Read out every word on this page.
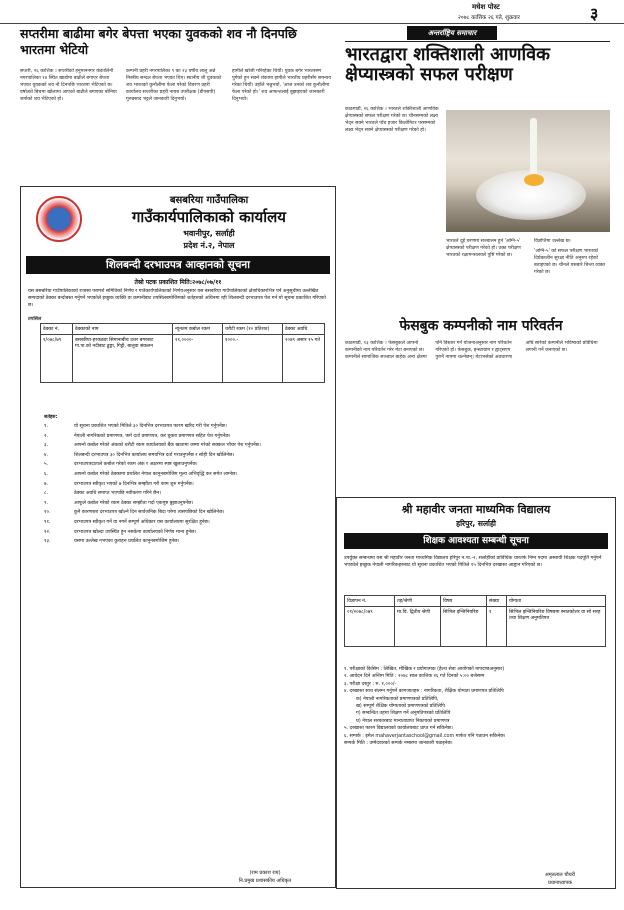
मधेश पोस्ट
२०७८ कात्तिक २६ गते, शुक्रवार	३
सप्तरीमा बाढीमा बगेर बेपत्ता भएका युवकको शव नौ दिनपछि भारतमा भेटियो
सप्तरी, २६ कात्तिक । सप्तरीको हनुमाननगर कंकालिनी नगरपालिका १४ स्थित खाडोमा बाढीले बगाएर बेपत्ता भएका युवकको शव नौ दिनपछि भारतमा भेटिएको छ। वर्षात्को बिचमा खोलामा आएको बाढीले बगाएका बोनिया शर्माको शव भेटिएको हो।
कम्पनी प्रहरी नगरपालिका ९ का २३ वर्षीय लालु अन्ने मिस्त्रीय सम्दल बेपत्ता भएका थिए। स्थानीय शी युवकको शव भारतको कुनौलीमा फेला परेको विवरण प्रहरी कार्यालय सप्तरीका प्रहरी नायब उपरीक्षक (डीएसपी) गुरुप्रसाद भट्टले जानकारी दिनुभयो।
हामीले खोजी गरिरहेका थियौं। युवक बगेर भारतसम्म पुगेको हुन सक्ने शंकामा हामीले भारतीय प्रहरीसँग समन्वय गरेका थियौं। उहाँले भन्नुभयो, 'आज उनको शव कुनौलीमा फेला परेको हो।' शव आफन्तलाई बुझाइएको जानकारी दिनुभयो।
बसबरिया गाउँपालिका
गाउँकार्यपालिकाको कार्यालय
भवानीपुर, सर्लाही
प्रदेश नं.२, नेपाल
शिलबन्दी दरभाउपत्र आव्हानको सूचना
तेस्रो पटक प्रकाशित मिति:२०७८/०७/११
यस बसबरिया गाउँपालिकाको राजस्व परामर्श समितिको निर्णय र गाउँकार्यपालिकाको निर्णयअनुसार यस बसबरिया गाउँपालिकाको क्षेत्राधिकारभित्र पर्ने अनुसूचीमा उल्लेखित सम्पदाको ठेक्का बन्दोबस्त गर्नुपर्ने भएकोले इच्छुक व्यक्ति वा कम्पनीबाट तपसिलबमोजिमको शर्तहरुको अधिनमा रही शिलबन्दी दरभाउपत्र पेश गर्न यो सूचना प्रकाशित गरिएको छ।
तपसिल
ठेक्का नं.	ठेक्काको नाम	न्यूनतम कबोल रकम	धरौटी रकम (१० प्रतिशत)	ठेक्का अवधि
१/०७८/७९	बसबरिया-हरकठवा सिमानाबीच उत्तर बगरबाट गा.पा.को नदीबाट ढुङ्गा, गिट्टी, बालुवा संकलन	२१,००००-	१०००.-	२०७९ असार १५ गते
शर्तहरु:
१.	यो सूचना प्रकाशित भएको मितिले ३० दिनभित्र दरभाउपत्र फारम खरिद गरी पेश गर्नुपर्नेछ।
२.	नेपाली नागरिकको प्रमाणपत्र, फर्म दर्ता प्रमाणपत्र, कर चुक्ता प्रमाणपत्र सहित पेश गर्नुपर्नेछ।
३.	आफ्नो कबोल गरेको अंकको धरौटी रकम कार्यालयको बैंक खातामा जम्मा गरेको सक्कल भौचर पेश गर्नुपर्नेछ।
४.	शिलबन्दी दरभाउपत्र ३० दिनभित्र कार्यालय समयभित्र दर्ता गराउनुपर्नेछ र सोही दिन खोलिनेछ।
५.	दरभाउपत्रदाताले कबोल गरेको रकम अंक र अक्षरमा स्पष्ट खुलाउनुपर्नेछ।
६.	आफ्नो कबोल गरेको ठेक्कामा प्रचलित नेपाल कानुनबमोजिम मूल्य अभिवृद्धि कर समेत लाग्नेछ।
७.	दरभाउपत्र स्वीकृत भएको ७ दिनभित्र सम्झौता गरी काम शुरु गर्नुपर्नेछ।
८.	ठेक्का अवधि समाप्त भएपछि नवीकरण गरिने छैन।
९.	आफूले कबोल गरेको रकम ठेक्का सम्झौता गर्दा एकमुष्ट बुझाउनुपर्नेछ।
१०.	कुनै कारणबश दरभाउपत्र खोल्ने दिन सार्वजनिक बिदा परेमा त्यसपछिको दिन खोलिनेछ।
११.	दरभाउपत्र स्वीकृत गर्ने वा नगर्ने सम्पूर्ण अधिकार यस कार्यालयमा सुरक्षित हुनेछ।
१२.	दरभाउपत्र खोल्दा उपस्थित हुन नसकेमा कार्यालयको निर्णय मान्य हुनेछ।
१३.	यसमा उल्लेख नभएका कुराहरु प्रचलित कानुनबमोजिम हुनेछ।
(राम प्रकाश राय)
नि.प्रमुख प्रशासकीय अधिकृत
अन्तर्राष्ट्रिय समाचार
भारतद्वारा शक्तिशाली आणविक क्षेप्यास्त्रको सफल परीक्षण
काठमाडौं, २६ कात्तिक । भारतले शक्तिशाली आणविक क्षेप्यास्त्रको सफल परीक्षण गरेको छ। चीनसम्मको लक्ष्य भेद्न सक्ने भारतले पाँच हजार किलोमिटर परसम्मको लक्ष्य भेद्न सक्ने क्षेप्यास्त्रको परीक्षण गरेको हो।
भारतले दुई चरणमा सञ्चालन हुने 'अग्नि-५' क्षेप्यास्त्रको परीक्षण गरेको हो। उक्त परीक्षण भारतको रक्षामन्त्रालयले पुष्टि गरेको छ।
विज्ञप्तिमा उल्लेख छ।
'अग्नि-५' को सफल परीक्षण भारतको दिर्घकालीन सुरक्षा नीति अनुरुप रहेको बताइएको छ। चीनले यसबारे चिन्ता व्यक्त गरेको छ।
फेसबुक कम्पनीको नाम परिवर्तन
काठमाडौं, १३ कात्तिक । फेसबुकले आफ्नो कम्पनीको नाम परिवर्तन गरेर मेटा बनाएको छ। कम्पनीले सामाजिक सञ्जाल बाहेक अन्य क्षेत्रमा पनि विस्तार गर्ने योजनाअनुसार नाम परिवर्तन गरिएको हो। फेसबुक, इन्स्टाग्राम र ह्वाट्सएप पुरानै नाममा चल्नेछन्। मेटाभर्सको अवधारणा अघि सारेको कम्पनीले भविष्यको प्रविधिमा लगानी गर्ने जनाएको छ।
श्री महावीर जनता माध्यमिक विद्यालय
हरिपुर, सर्लाही
शिक्षक आवश्यता सम्बन्धी सूचना
उपर्युक्त सम्बन्धमा यस श्री महावीर जनता माध्यमिक विद्यालय हरिपुर न.पा.-२, सर्लाहीको प्राविधिक धारतर्फ निम्न पदमा अस्थायी शिक्षक पदपूर्ति गर्नुपर्ने भएकोले इच्छुक नेपाली नागरिकहरुबाट यो सूचना प्रकाशित भएको मितिले १५ दिनभित्र दरखास्त आह्वान गरिएको छ।
विज्ञापन नं.	तह/श्रेणी	विषय	संख्या	योग्यता
०१/२०७८/०७९	मा.वि. द्वितीय श्रेणी	सिभिल इन्जिनियरिङ	१	सिभिल इन्जिनियरिङ विषयमा स्नातकोत्तर वा सो सरह तथा शिक्षण अनुमतिपत्र
१. परीक्षाको किसिम : लिखित, मौखिक र प्रयोगात्मक (हेल्थ सेवा आयोगको मापदण्डअनुसार)
२. आवेदन दिने अन्तिम मिति : २०७८ साल कात्तिक २६ गते दिनको ५:०० बजेसम्म
३. परीक्षा दस्तुर : रु. १,०००/-
४. दरखास्त साथ संलग्न गर्नुपर्ने कागजातहरु : नागरिकता, शैक्षिक योग्यता प्रमाणपत्र प्रतिलिपि
क) नेपाली नागरिकताको प्रमाणपत्रको प्रतिलिपि,
ख) सम्पूर्ण शैक्षिक योग्यताको प्रमाणपत्रको प्रतिलिपि
ग) सम्बन्धित तहमा शिक्षण गर्ने अनुमतिपत्रको प्रतिलिपि
घ) नेपाल सरकारबाट मान्यताप्राप्त निकायको प्रमाणपत्र
५. दरखास्त फारम विद्यालयको कार्यालयबाट प्राप्त गर्न सकिनेछ।
६. सम्पर्क : इमेल mahaverjantaschool@gmail.com मार्फत पनि पठाउन सकिनेछ।
सम्पर्क मिति : उम्मेदवारको सम्पर्क नम्बरमा जानकारी पठाइनेछ।
अमृतलाल चौधरी
प्रधानाध्यापक
